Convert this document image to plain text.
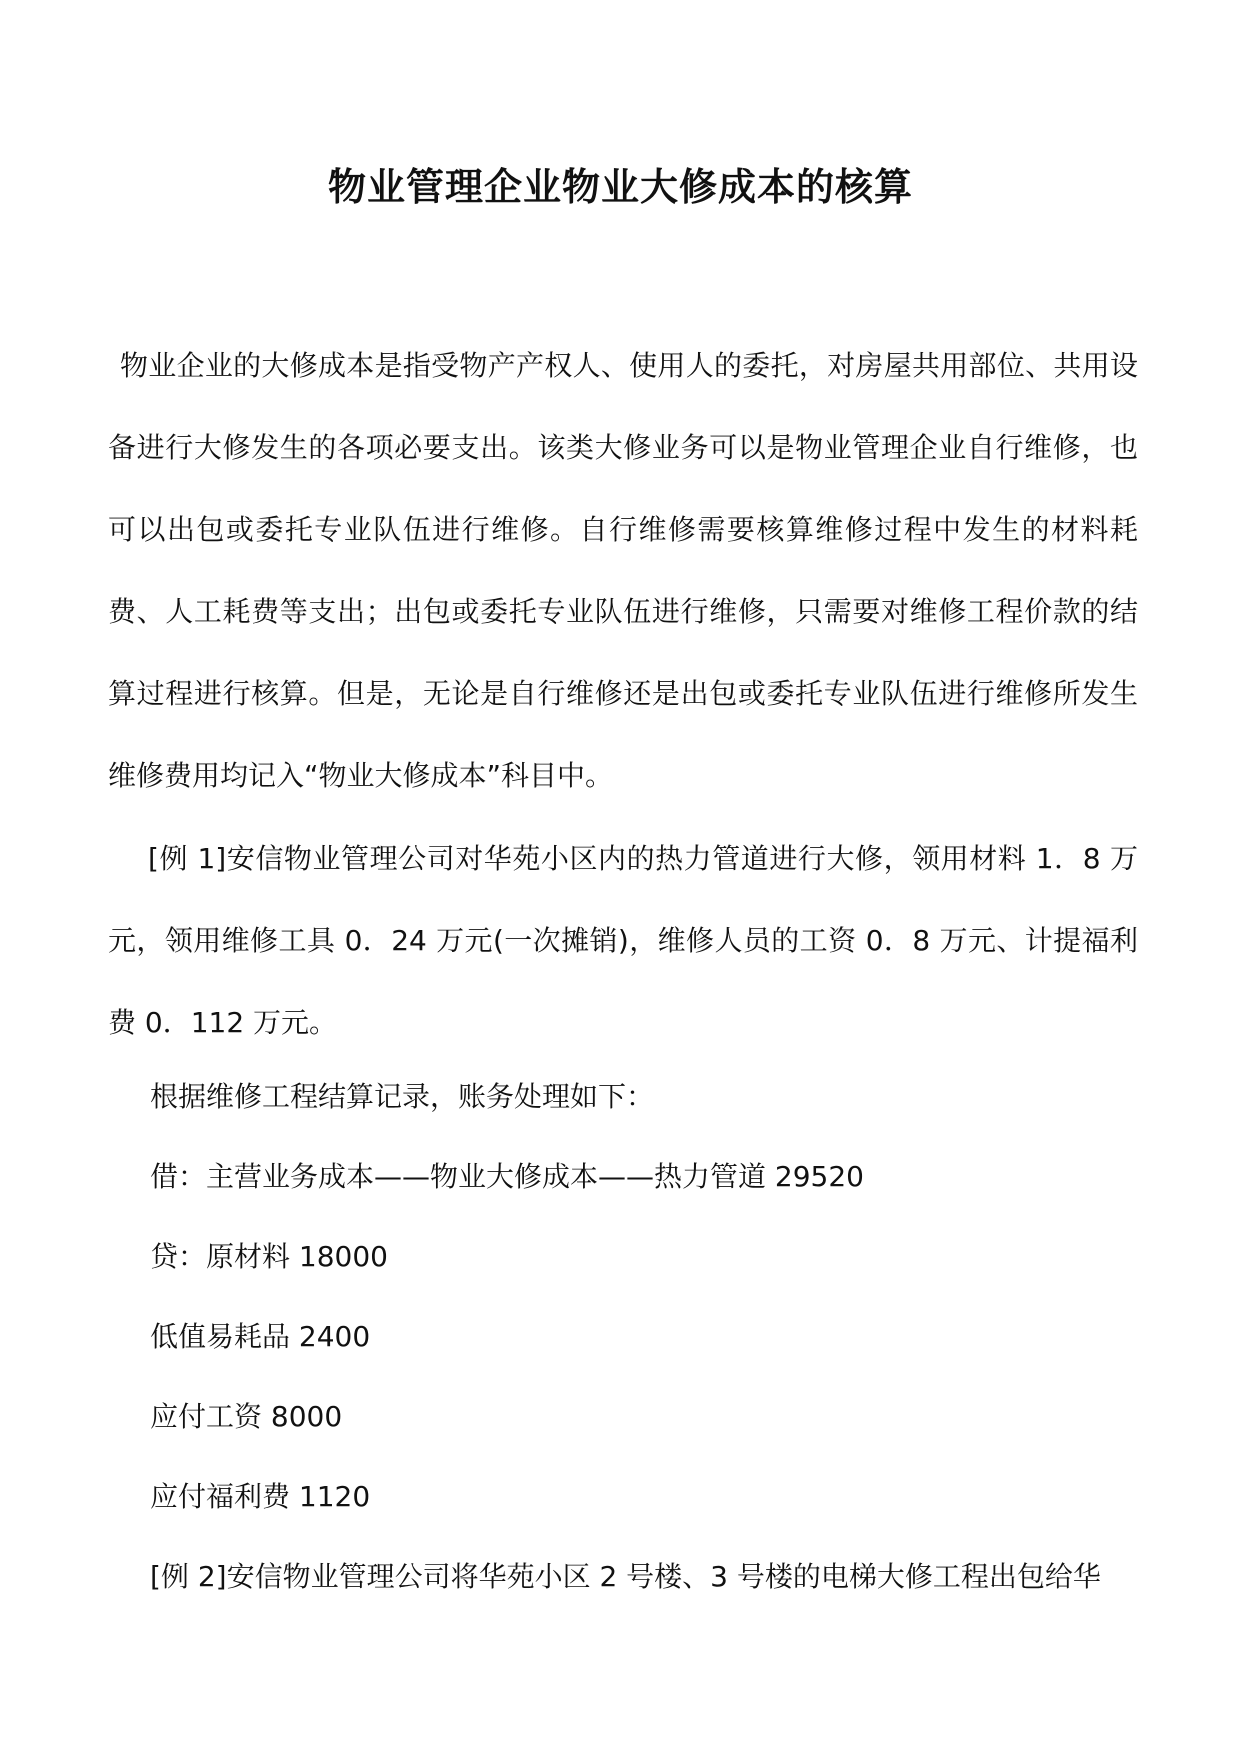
物业管理企业物业大修成本的核算

物业企业的大修成本是指受物产产权人、使用人的委托，对房屋共用部位、共用设备进行大修发生的各项必要支出。该类大修业务可以是物业管理企业自行维修，也可以出包或委托专业队伍进行维修。自行维修需要核算维修过程中发生的材料耗费、人工耗费等支出；出包或委托专业队伍进行维修，只需要对维修工程价款的结算过程进行核算。但是，无论是自行维修还是出包或委托专业队伍进行维修所发生维修费用均记入“物业大修成本”科目中。

[例 1]安信物业管理公司对华苑小区内的热力管道进行大修，领用材料 1．8 万元，领用维修工具 0．24 万元(一次摊销)，维修人员的工资 0．8 万元、计提福利费 0．112 万元。

根据维修工程结算记录，账务处理如下：

借：主营业务成本——物业大修成本——热力管道 29520

贷：原材料 18000

低值易耗品 2400

应付工资 8000

应付福利费 1120

[例 2]安信物业管理公司将华苑小区 2 号楼、3 号楼的电梯大修工程出包给华
